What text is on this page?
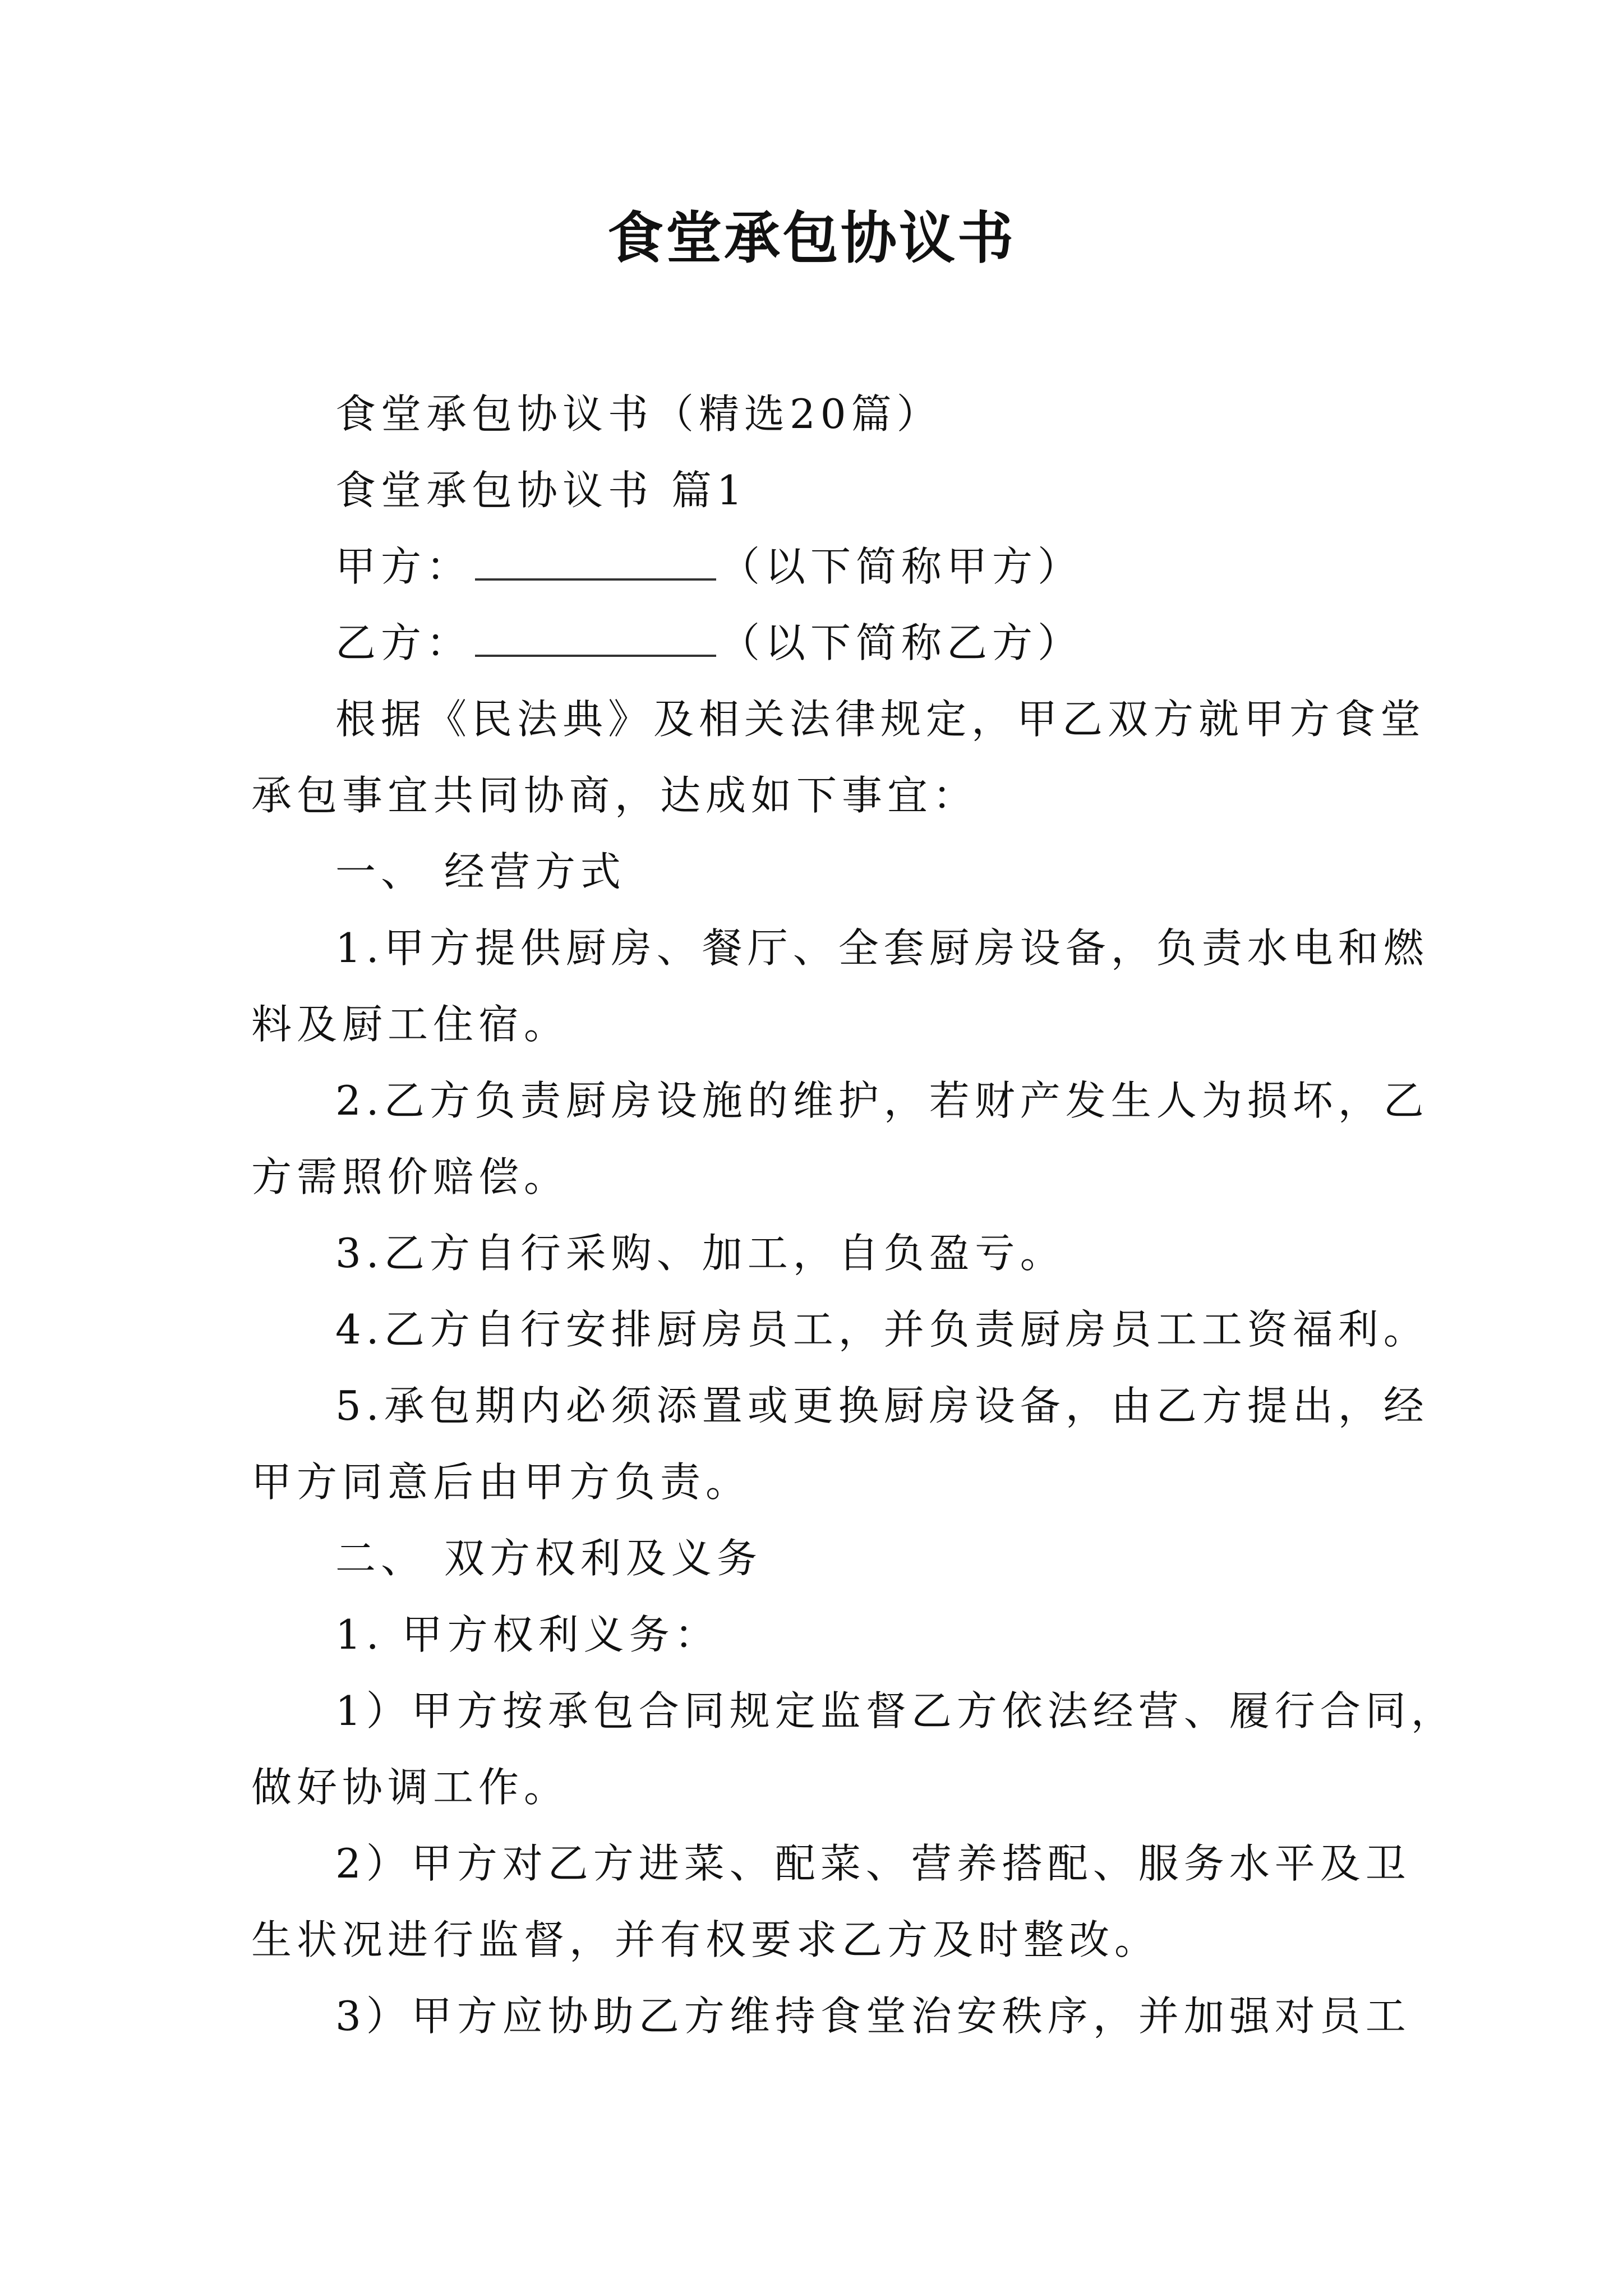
食堂承包协议书

食堂承包协议书（精选20篇）

食堂承包协议书 篇1

甲方：	（以下简称甲方）

乙方：	（以下简称乙方）

根据《民法典》及相关法律规定，甲乙双方就甲方食堂

承包事宜共同协商，达成如下事宜：

一、 经营方式

1.甲方提供厨房、餐厅、全套厨房设备，负责水电和燃

料及厨工住宿。

2.乙方负责厨房设施的维护，若财产发生人为损坏，乙

方需照价赔偿。

3.乙方自行采购、加工，自负盈亏。

4.乙方自行安排厨房员工，并负责厨房员工工资福利。

5.承包期内必须添置或更换厨房设备，由乙方提出，经

甲方同意后由甲方负责。

二、 双方权利及义务

1. 甲方权利义务：

1）甲方按承包合同规定监督乙方依法经营、履行合同，

做好协调工作。

2）甲方对乙方进菜、配菜、营养搭配、服务水平及卫

生状况进行监督，并有权要求乙方及时整改。

3）甲方应协助乙方维持食堂治安秩序，并加强对员工
